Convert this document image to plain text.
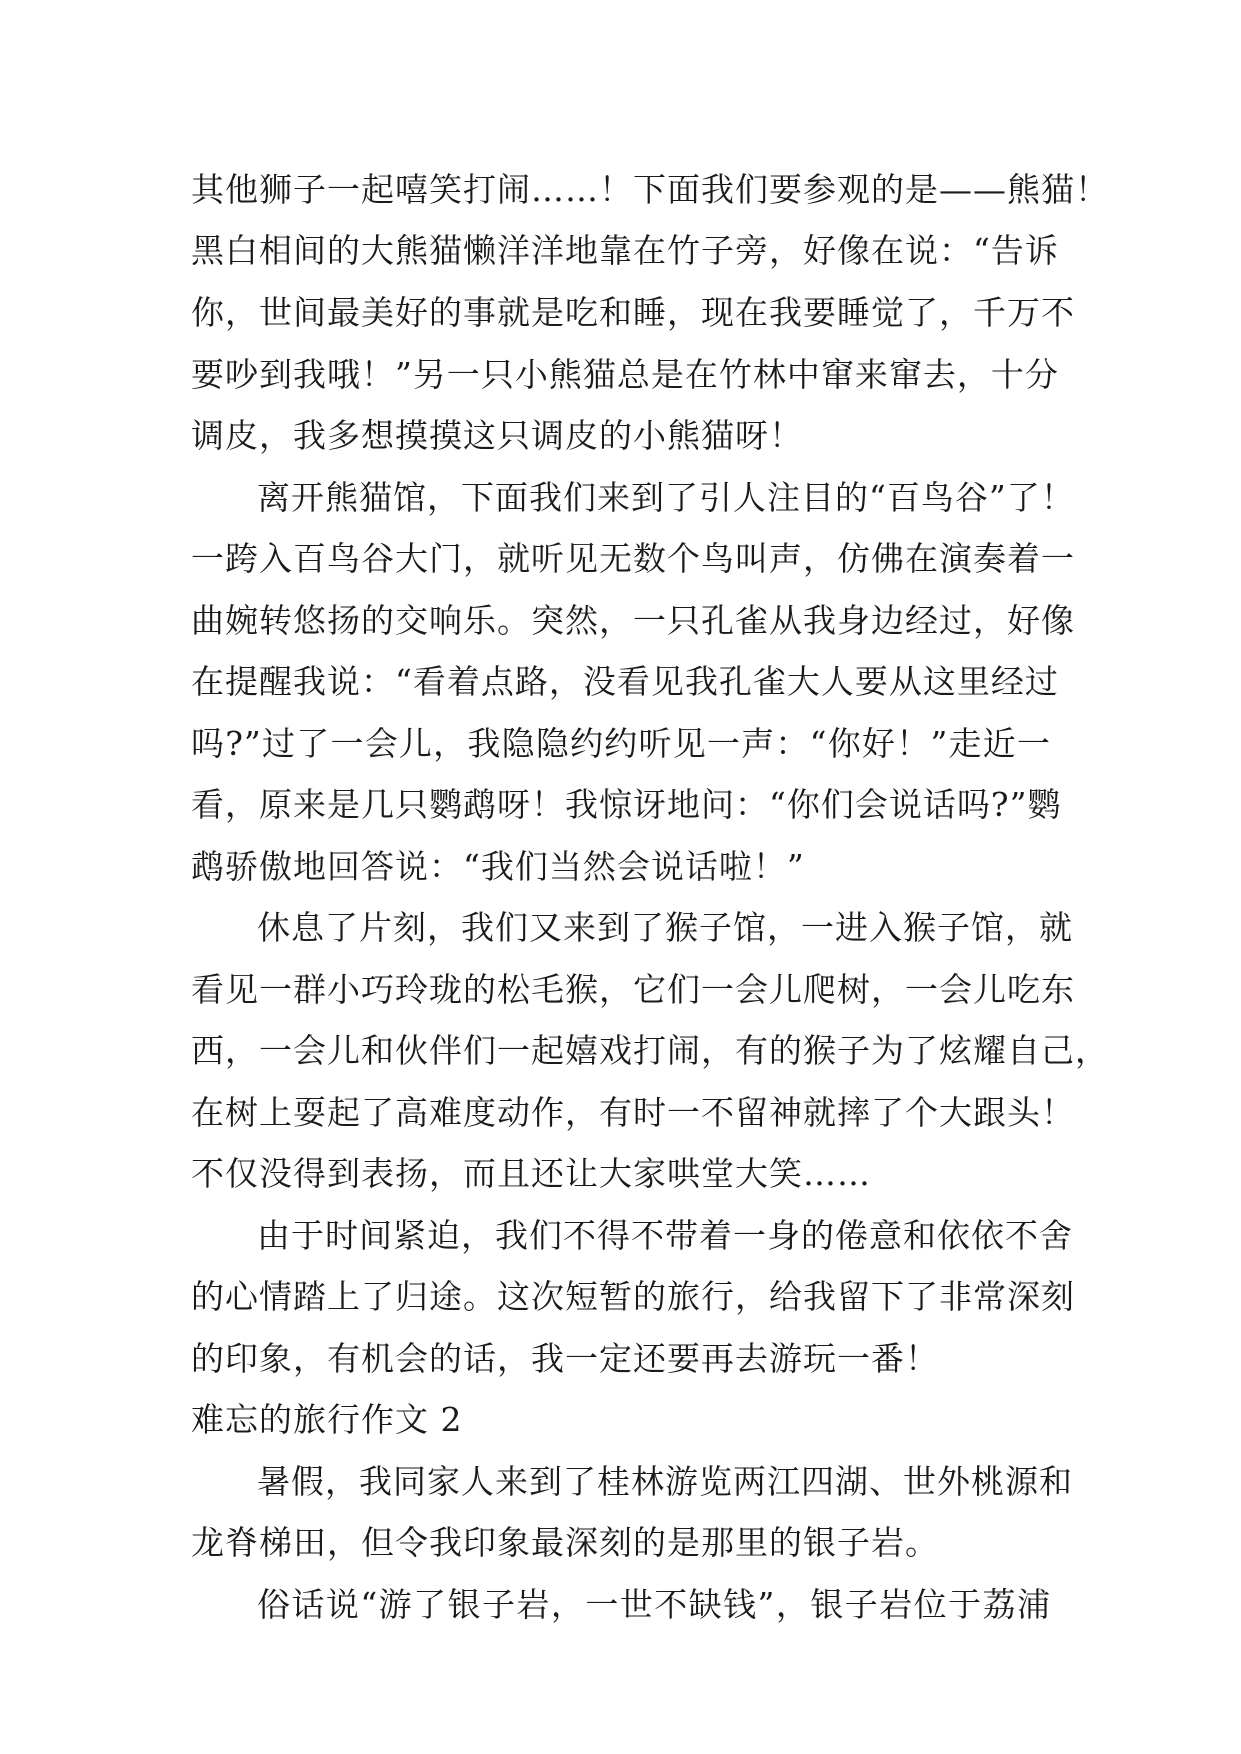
其他狮子一起嘻笑打闹……！下面我们要参观的是——熊猫！
黑白相间的大熊猫懒洋洋地靠在竹子旁，好像在说：“告诉
你，世间最美好的事就是吃和睡，现在我要睡觉了，千万不
要吵到我哦！”另一只小熊猫总是在竹林中窜来窜去，十分
调皮，我多想摸摸这只调皮的小熊猫呀！
离开熊猫馆，下面我们来到了引人注目的“百鸟谷”了！
一跨入百鸟谷大门，就听见无数个鸟叫声，仿佛在演奏着一
曲婉转悠扬的交响乐。突然，一只孔雀从我身边经过，好像
在提醒我说：“看着点路，没看见我孔雀大人要从这里经过
吗?”过了一会儿，我隐隐约约听见一声：“你好！”走近一
看，原来是几只鹦鹉呀！我惊讶地问：“你们会说话吗?”鹦
鹉骄傲地回答说：“我们当然会说话啦！”
休息了片刻，我们又来到了猴子馆，一进入猴子馆，就
看见一群小巧玲珑的松毛猴，它们一会儿爬树，一会儿吃东
西，一会儿和伙伴们一起嬉戏打闹，有的猴子为了炫耀自己，
在树上耍起了高难度动作，有时一不留神就摔了个大跟头！
不仅没得到表扬，而且还让大家哄堂大笑……
由于时间紧迫，我们不得不带着一身的倦意和依依不舍
的心情踏上了归途。这次短暂的旅行，给我留下了非常深刻
的印象，有机会的话，我一定还要再去游玩一番！
难忘的旅行作文 2
暑假，我同家人来到了桂林游览两江四湖、世外桃源和
龙脊梯田，但令我印象最深刻的是那里的银子岩。
俗话说“游了银子岩，一世不缺钱”，银子岩位于荔浦
